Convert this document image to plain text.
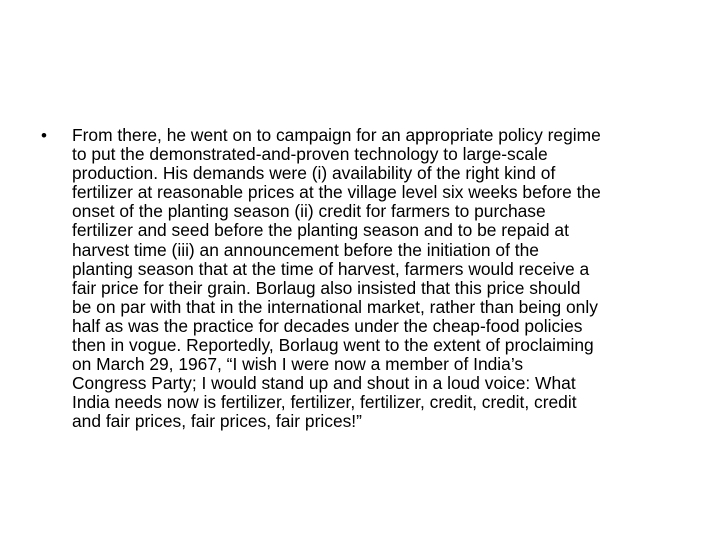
•	From there, he went on to campaign for an appropriate policy regime
to put the demonstrated-and-proven technology to large-scale
production. His demands were (i) availability of the right kind of
fertilizer at reasonable prices at the village level six weeks before the
onset of the planting season (ii) credit for farmers to purchase
fertilizer and seed before the planting season and to be repaid at
harvest time (iii) an announcement before the initiation of the
planting season that at the time of harvest, farmers would receive a
fair price for their grain. Borlaug also insisted that this price should
be on par with that in the international market, rather than being only
half as was the practice for decades under the cheap-food policies
then in vogue. Reportedly, Borlaug went to the extent of proclaiming
on March 29, 1967, “I wish I were now a member of India’s
Congress Party; I would stand up and shout in a loud voice: What
India needs now is fertilizer, fertilizer, fertilizer, credit, credit, credit
and fair prices, fair prices, fair prices!”
